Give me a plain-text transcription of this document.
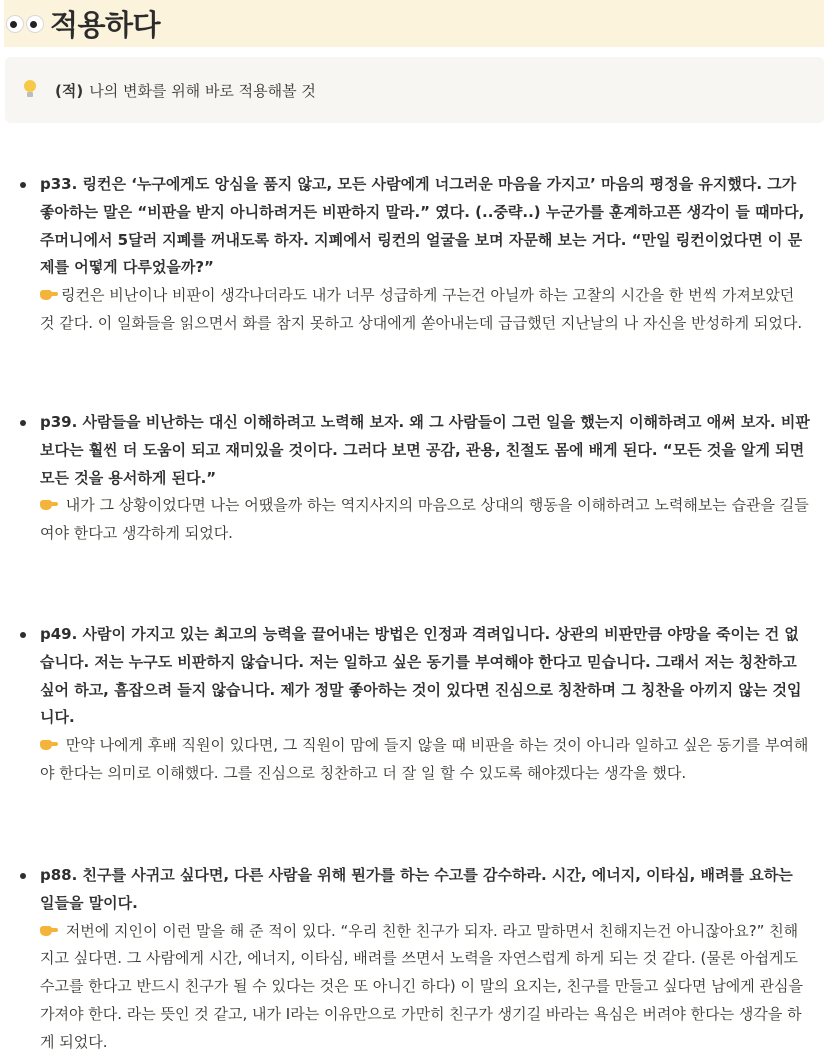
적용하다
(적) 나의 변화를 위해 바로 적용해볼 것
p33. 링컨은 ‘누구에게도 앙심을 품지 않고, 모든 사람에게 너그러운 마음을 가지고’ 마음의 평정을 유지했다. 그가 좋아하는 말은 “비판을 받지 아니하려거든 비판하지 말라.” 였다. (..중략..) 누군가를 훈계하고픈 생각이 들 때마다, 주머니에서 5달러 지폐를 꺼내도록 하자. 지폐에서 링컨의 얼굴을 보며 자문해 보는 거다. “만일 링컨이었다면 이 문제를 어떻게 다루었을까?”
링컨은 비난이나 비판이 생각나더라도 내가 너무 성급하게 구는건 아닐까 하는 고찰의 시간을 한 번씩 가져보았던 것 같다. 이 일화들을 읽으면서 화를 참지 못하고 상대에게 쏟아내는데 급급했던 지난날의 나 자신을 반성하게 되었다.
p39. 사람들을 비난하는 대신 이해하려고 노력해 보자. 왜 그 사람들이 그런 일을 했는지 이해하려고 애써 보자. 비판보다는 훨씬 더 도움이 되고 재미있을 것이다. 그러다 보면 공감, 관용, 친절도 몸에 배게 된다. “모든 것을 알게 되면 모든 것을 용서하게 된다.”
내가 그 상황이었다면 나는 어땠을까 하는 역지사지의 마음으로 상대의 행동을 이해하려고 노력해보는 습관을 길들여야 한다고 생각하게 되었다.
p49. 사람이 가지고 있는 최고의 능력을 끌어내는 방법은 인정과 격려입니다. 상관의 비판만큼 야망을 죽이는 건 없습니다. 저는 누구도 비판하지 않습니다. 저는 일하고 싶은 동기를 부여해야 한다고 믿습니다. 그래서 저는 칭찬하고 싶어 하고, 흠잡으려 들지 않습니다. 제가 정말 좋아하는 것이 있다면 진심으로 칭찬하며 그 칭찬을 아끼지 않는 것입니다.
만약 나에게 후배 직원이 있다면, 그 직원이 맘에 들지 않을 때 비판을 하는 것이 아니라 일하고 싶은 동기를 부여해야 한다는 의미로 이해했다. 그를 진심으로 칭찬하고 더 잘 일 할 수 있도록 해야겠다는 생각을 했다.
p88. 친구를 사귀고 싶다면, 다른 사람을 위해 뭔가를 하는 수고를 감수하라. 시간, 에너지, 이타심, 배려를 요하는 일들을 말이다.
저번에 지인이 이런 말을 해 준 적이 있다. “우리 친한 친구가 되자. 라고 말하면서 친해지는건 아니잖아요?” 친해지고 싶다면. 그 사람에게 시간, 에너지, 이타심, 배려를 쓰면서 노력을 자연스럽게 하게 되는 것 같다. (물론 아쉽게도 수고를 한다고 반드시 친구가 될 수 있다는 것은 또 아니긴 하다) 이 말의 요지는, 친구를 만들고 싶다면 남에게 관심을 가져야 한다. 라는 뜻인 것 같고, 내가 I라는 이유만으로 가만히 친구가 생기길 바라는 욕심은 버려야 한다는 생각을 하게 되었다.
